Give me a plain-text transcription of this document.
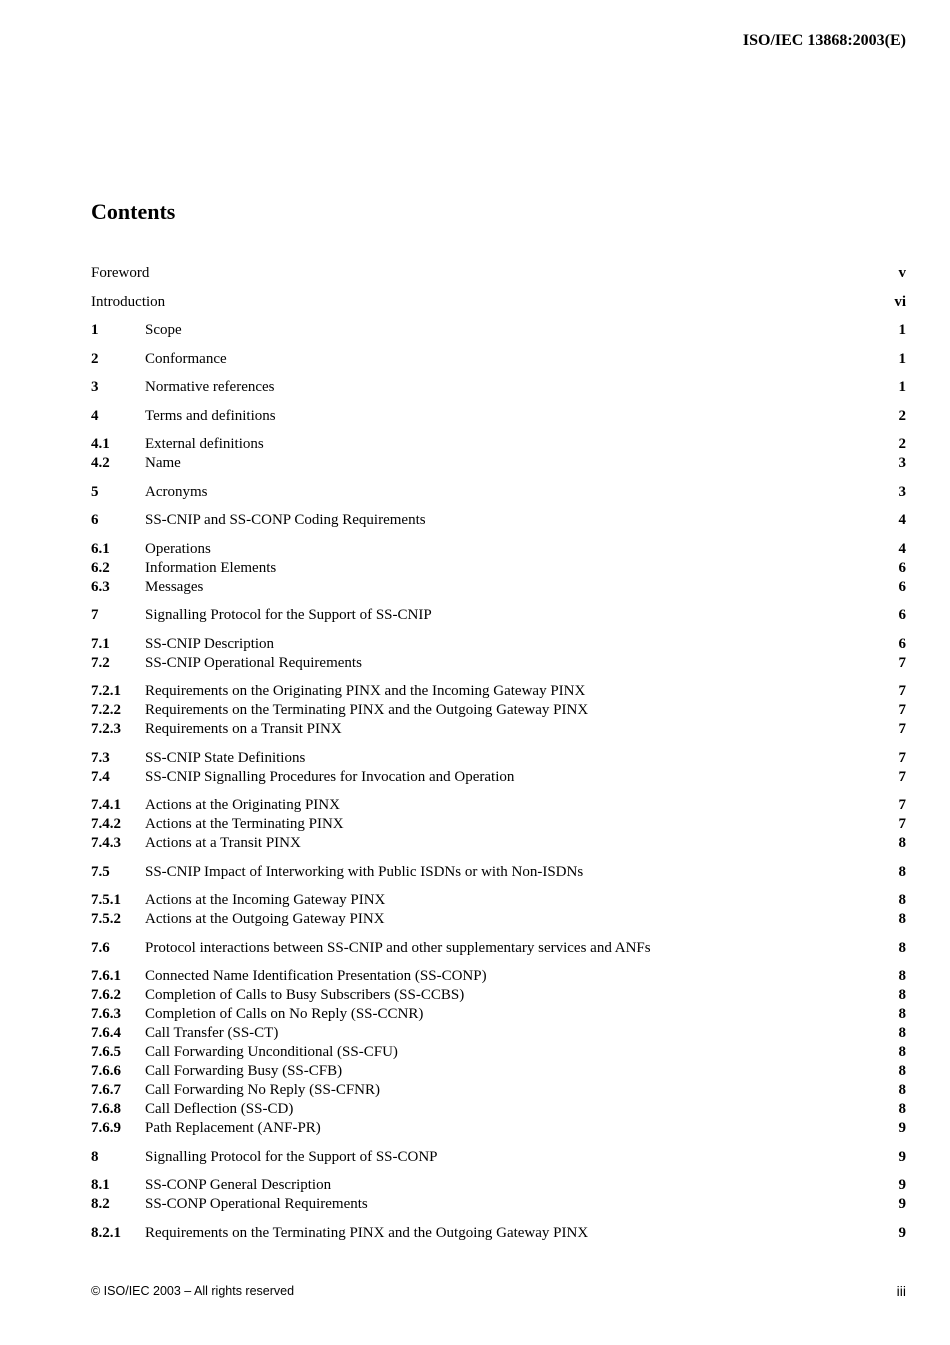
ISO/IEC 13868:2003(E)
Contents
Foreword	v
Introduction	vi
1	Scope	1
2	Conformance	1
3	Normative references	1
4	Terms and definitions	2
4.1 External definitions	2
4.2 Name	3
5	Acronyms	3
6	SS-CNIP and SS-CONP Coding Requirements	4
6.1 Operations	4
6.2 Information Elements	6
6.3 Messages	6
7	Signalling Protocol for the Support of SS-CNIP	6
7.1 SS-CNIP Description	6
7.2 SS-CNIP Operational Requirements	7
7.2.1 Requirements on the Originating PINX and the Incoming Gateway PINX	7
7.2.2 Requirements on the Terminating PINX and the Outgoing Gateway PINX	7
7.2.3 Requirements on a Transit PINX	7
7.3 SS-CNIP State Definitions	7
7.4 SS-CNIP Signalling Procedures for Invocation and Operation	7
7.4.1 Actions at the Originating PINX	7
7.4.2 Actions at the Terminating PINX	7
7.4.3 Actions at a Transit PINX	8
7.5 SS-CNIP Impact of Interworking with Public ISDNs or with Non-ISDNs	8
7.5.1 Actions at the Incoming Gateway PINX	8
7.5.2 Actions at the Outgoing Gateway PINX	8
7.6 Protocol interactions between SS-CNIP and other supplementary services and ANFs	8
7.6.1 Connected Name Identification Presentation (SS-CONP)	8
7.6.2 Completion of Calls to Busy Subscribers (SS-CCBS)	8
7.6.3 Completion of Calls on No Reply (SS-CCNR)	8
7.6.4 Call Transfer (SS-CT)	8
7.6.5 Call Forwarding Unconditional (SS-CFU)	8
7.6.6 Call Forwarding Busy (SS-CFB)	8
7.6.7 Call Forwarding No Reply (SS-CFNR)	8
7.6.8 Call Deflection (SS-CD)	8
7.6.9 Path Replacement (ANF-PR)	9
8	Signalling Protocol for the Support of SS-CONP	9
8.1 SS-CONP General Description	9
8.2 SS-CONP Operational Requirements	9
8.2.1 Requirements on the Terminating PINX and the Outgoing Gateway PINX	9
© ISO/IEC 2003 – All rights reserved	iii
